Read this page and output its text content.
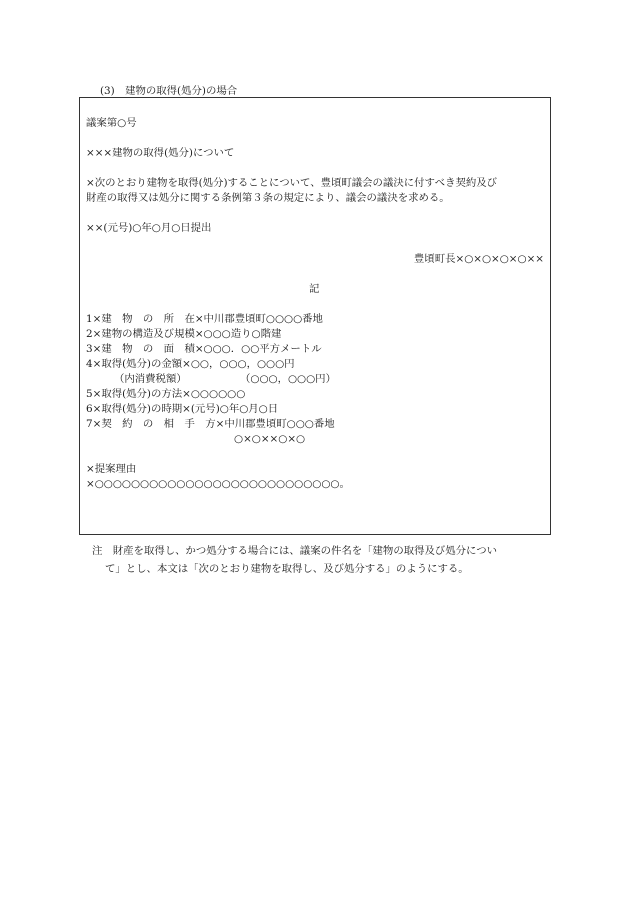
(3)　建物の取得(処分)の場合
議案第○号
×××建物の取得(処分)について
×次のとおり建物を取得(処分)することについて、豊頃町議会の議決に付すべき契約及び
財産の取得又は処分に関する条例第３条の規定により、議会の議決を求める。
××(元号)○年○月○日提出
豊頃町長×○×○×○×○××
記
1×建　物　の　所　在×中川郡豊頃町○○○○番地
2×建物の構造及び規模×○○○造り○階建
3×建　物　の　面　積×○○○．○○平方メートル
4×取得(処分)の金額×○○，○○○，○○○円
（内消費税額）	（○○○，○○○円）
5×取得(処分)の方法×○○○○○○
6×取得(処分)の時期×(元号)○年○月○日
7×契　約　の　相　手　方×中川郡豊頃町○○○番地
○×○××○×○
×提案理由
×○○○○○○○○○○○○○○○○○○○○○○○○○○○。
注　財産を取得し、かつ処分する場合には、議案の件名を「建物の取得及び処分につい
て」とし、本文は「次のとおり建物を取得し、及び処分する」のようにする。
